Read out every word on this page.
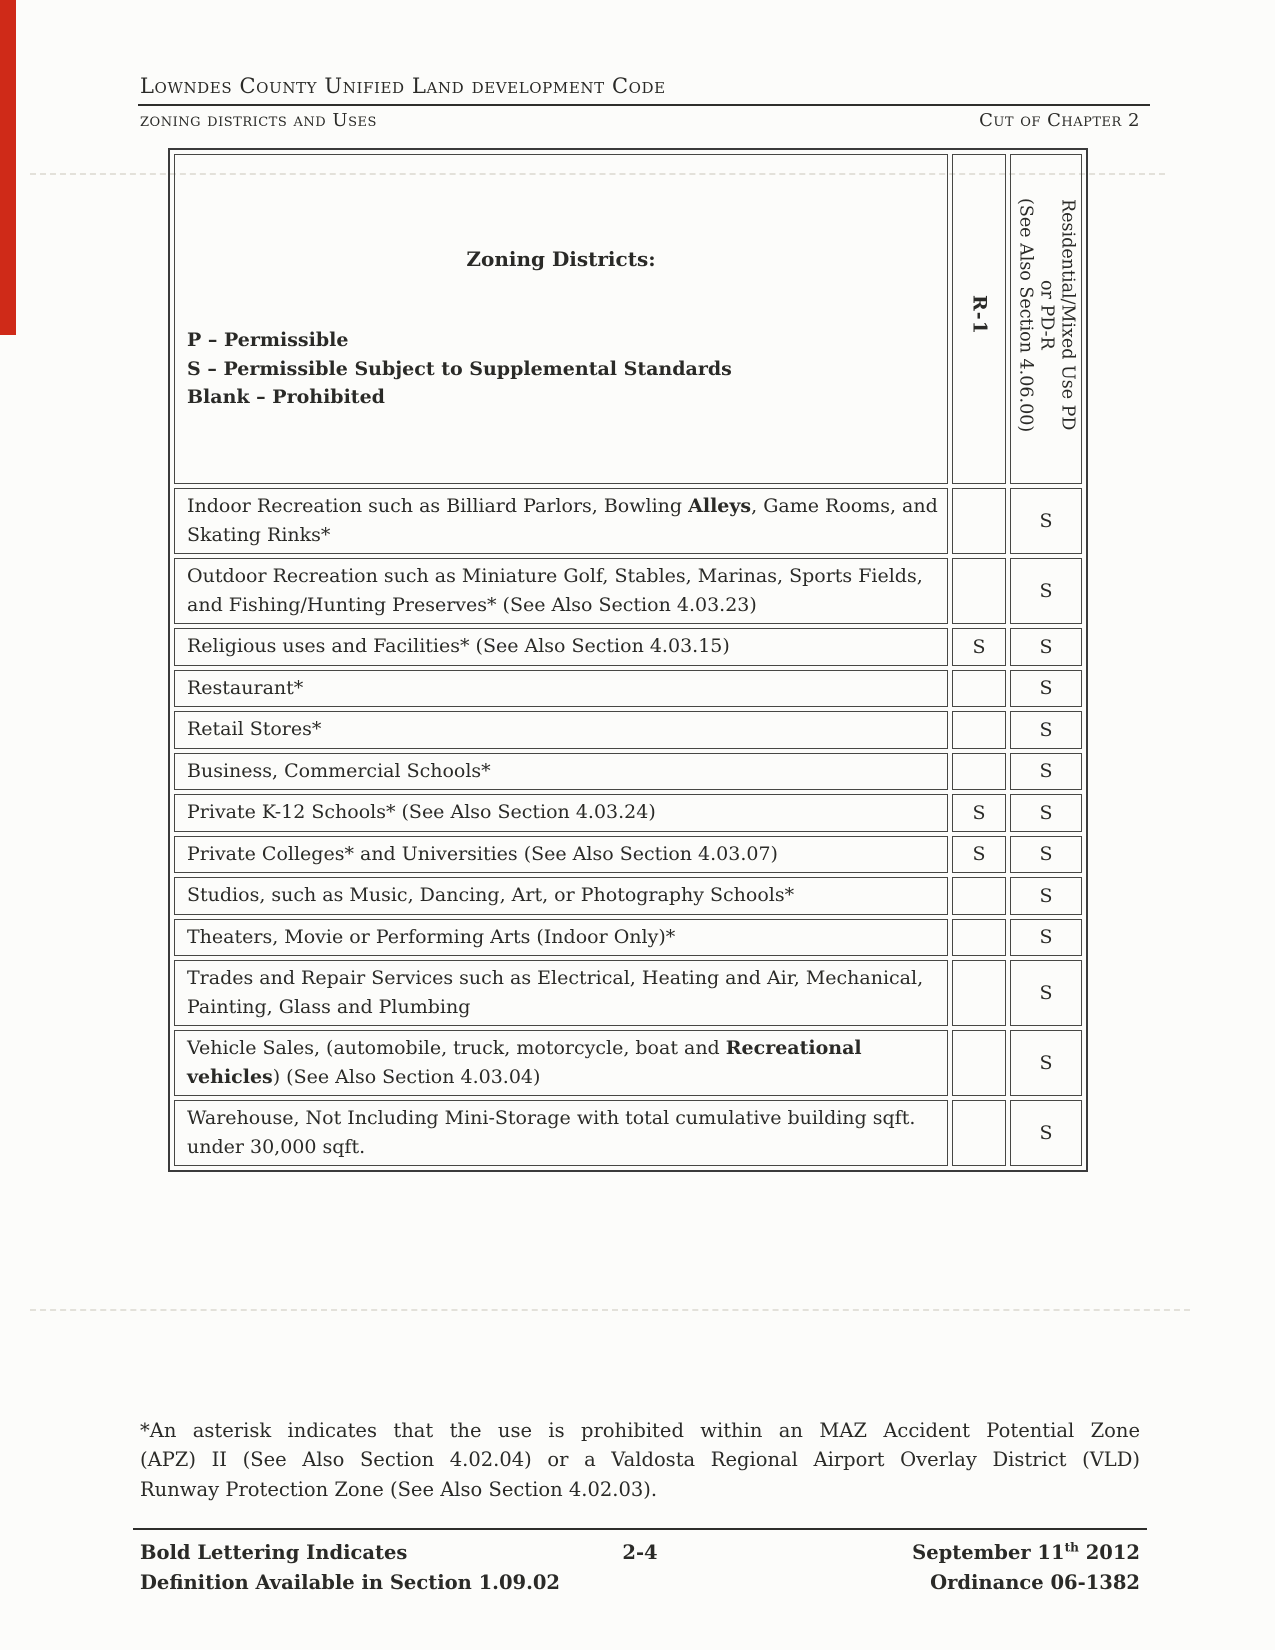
Lowndes County Unified Land development Code
zoning districts and Uses	Cut of Chapter 2
Zoning Districts:
P – Permissible
S – Permissible Subject to Supplemental Standards
Blank – Prohibited
	R-1	Residential/Mixed Use PD
or PD-R
(See Also Section 4.06.00)

Indoor Recreation such as Billiard Parlors, Bowling Alleys, Game Rooms, and Skating Rinks*		S
Outdoor Recreation such as Miniature Golf, Stables, Marinas, Sports Fields, and Fishing/Hunting Preserves* (See Also Section 4.03.23)		S
Religious uses and Facilities* (See Also Section 4.03.15)	S	S
Restaurant*		S
Retail Stores*		S
Business, Commercial Schools*		S
Private K-12 Schools* (See Also Section 4.03.24)	S	S
Private Colleges* and Universities (See Also Section 4.03.07)	S	S
Studios, such as Music, Dancing, Art, or Photography Schools*		S
Theaters, Movie or Performing Arts (Indoor Only)*		S
Trades and Repair Services such as Electrical, Heating and Air, Mechanical, Painting, Glass and Plumbing		S
Vehicle Sales, (automobile, truck, motorcycle, boat and Recreational vehicles) (See Also Section 4.03.04)		S
Warehouse, Not Including Mini-Storage with total cumulative building sqft. under 30,000 sqft.		S
*An asterisk indicates that the use is prohibited within an MAZ Accident Potential Zone
(APZ) II (See Also Section 4.02.04) or a Valdosta Regional Airport Overlay District (VLD)
Runway Protection Zone (See Also Section 4.02.03).
Bold Lettering Indicates
Definition Available in Section 1.09.02
2-4	September 11th 2012
Ordinance 06-1382
